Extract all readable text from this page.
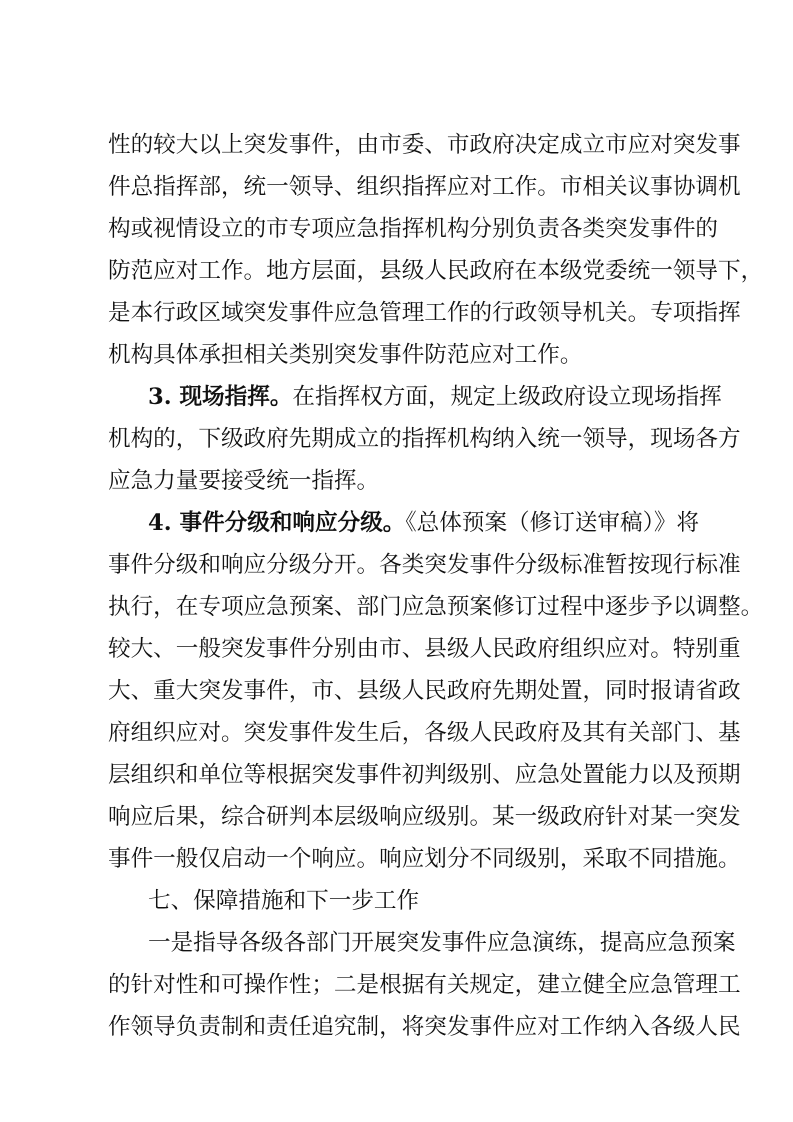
性的较大以上突发事件，由市委、市政府决定成立市应对突发事
件总指挥部，统一领导、组织指挥应对工作。市相关议事协调机
构或视情设立的市专项应急指挥机构分别负责各类突发事件的
防范应对工作。地方层面，县级人民政府在本级党委统一领导下，
是本行政区域突发事件应急管理工作的行政领导机关。专项指挥
机构具体承担相关类别突发事件防范应对工作。
3. 现场指挥。在指挥权方面，规定上级政府设立现场指挥
机构的，下级政府先期成立的指挥机构纳入统一领导，现场各方
应急力量要接受统一指挥。
4. 事件分级和响应分级。《总体预案（修订送审稿）》将
事件分级和响应分级分开。各类突发事件分级标准暂按现行标准
执行，在专项应急预案、部门应急预案修订过程中逐步予以调整。
较大、一般突发事件分别由市、县级人民政府组织应对。特别重
大、重大突发事件，市、县级人民政府先期处置，同时报请省政
府组织应对。突发事件发生后，各级人民政府及其有关部门、基
层组织和单位等根据突发事件初判级别、应急处置能力以及预期
响应后果，综合研判本层级响应级别。某一级政府针对某一突发
事件一般仅启动一个响应。响应划分不同级别，采取不同措施。
七、保障措施和下一步工作
一是指导各级各部门开展突发事件应急演练，提高应急预案
的针对性和可操作性；二是根据有关规定，建立健全应急管理工
作领导负责制和责任追究制，将突发事件应对工作纳入各级人民
